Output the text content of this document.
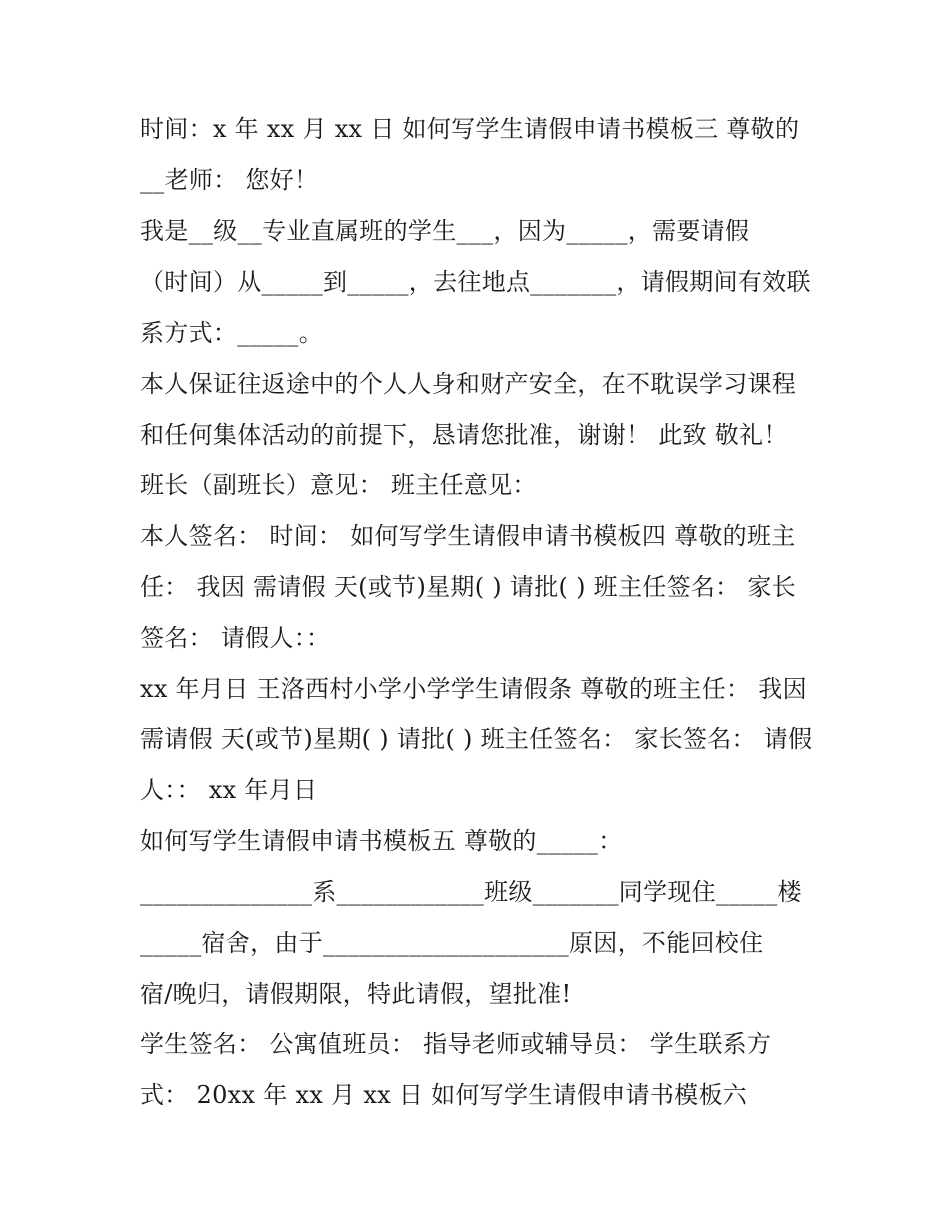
时间：x 年 xx 月 xx 日 如何写学生请假申请书模板三 尊敬的
__老师： 您好！
我是__级__专业直属班的学生___，因为_____，需要请假
（时间）从_____到_____，去往地点_______，请假期间有效联
系方式：_____。
本人保证往返途中的个人人身和财产安全，在不耽误学习课程
和任何集体活动的前提下，恳请您批准，谢谢！ 此致 敬礼！
班长（副班长）意见： 班主任意见：
本人签名： 时间： 如何写学生请假申请书模板四 尊敬的班主
任： 我因 需请假 天(或节)星期( ) 请批( ) 班主任签名： 家长
签名： 请假人：：
xx 年月日 王洛西村小学小学学生请假条 尊敬的班主任： 我因
需请假 天(或节)星期( ) 请批( ) 班主任签名： 家长签名： 请假
人：： xx 年月日
如何写学生请假申请书模板五 尊敬的_____：
______________系____________班级_______同学现住_____楼
_____宿舍，由于____________________原因，不能回校住
宿/晚归，请假期限，特此请假，望批准!
学生签名： 公寓值班员： 指导老师或辅导员： 学生联系方
式： 20xx 年 xx 月 xx 日 如何写学生请假申请书模板六
